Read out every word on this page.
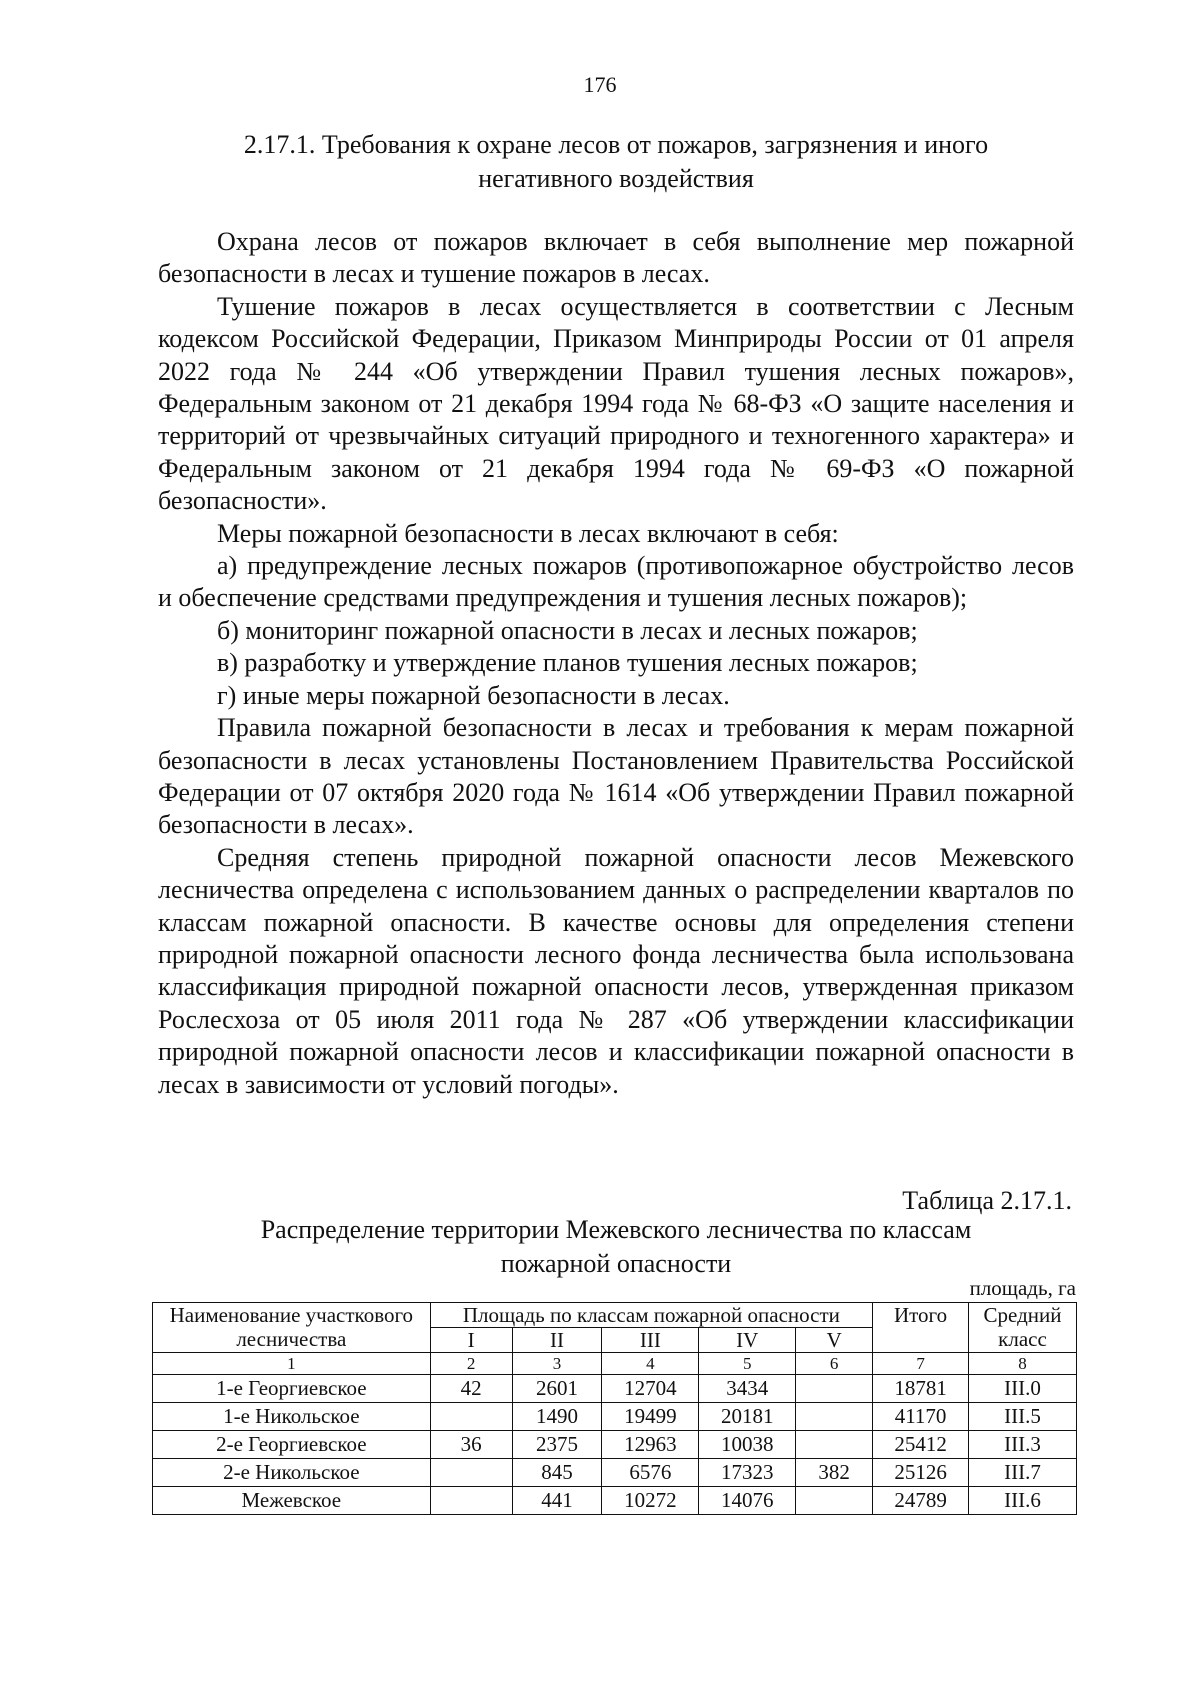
176
2.17.1. Требования к охране лесов от пожаров, загрязнения и иного негативного воздействия

Охрана лесов от пожаров включает в себя выполнение мер пожарной безопасности в лесах и тушение пожаров в лесах.

Тушение пожаров в лесах осуществляется в соответствии с Лесным кодексом Российской Федерации, Приказом Минприроды России от 01 апреля 2022 года № 244 «Об утверждении Правил тушения лесных пожаров», Федеральным законом от 21 декабря 1994 года № 68-ФЗ «О защите населения и территорий от чрезвычайных ситуаций природного и техногенного характера» и Федеральным законом от 21 декабря 1994 года № 69-ФЗ «О пожарной безопасности».

Меры пожарной безопасности в лесах включают в себя:

а) предупреждение лесных пожаров (противопожарное обустройство лесов и обеспечение средствами предупреждения и тушения лесных пожаров);

б) мониторинг пожарной опасности в лесах и лесных пожаров;

в) разработку и утверждение планов тушения лесных пожаров;

г) иные меры пожарной безопасности в лесах.

Правила пожарной безопасности в лесах и требования к мерам пожарной безопасности в лесах установлены Постановлением Правительства Российской Федерации от 07 октября 2020 года № 1614 «Об утверждении Правил пожарной безопасности в лесах».

Средняя степень природной пожарной опасности лесов Межевского лесничества определена с использованием данных о распределении кварталов по классам пожарной опасности. В качестве основы для определения степени природной пожарной опасности лесного фонда лесничества была использована классификация природной пожарной опасности лесов, утвержденная приказом Рослесхоза от 05 июля 2011 года № 287 «Об утверждении классификации природной пожарной опасности лесов и классификации пожарной опасности в лесах в зависимости от условий погоды».

Таблица 2.17.1.
Распределение территории Межевского лесничества по классам пожарной опасности
площадь, га
Наименование участкового лесничества	Площадь по классам пожарной опасности					Итого	Средний класс
	I	II	III	IV	V		
1	2	3	4	5	6	7	8
1-е Георгиевское	42	2601	12704	3434		18781	III.0
1-е Никольское		1490	19499	20181		41170	III.5
2-е Георгиевское	36	2375	12963	10038		25412	III.3
2-е Никольское		845	6576	17323	382	25126	III.7
Межевское		441	10272	14076		24789	III.6
